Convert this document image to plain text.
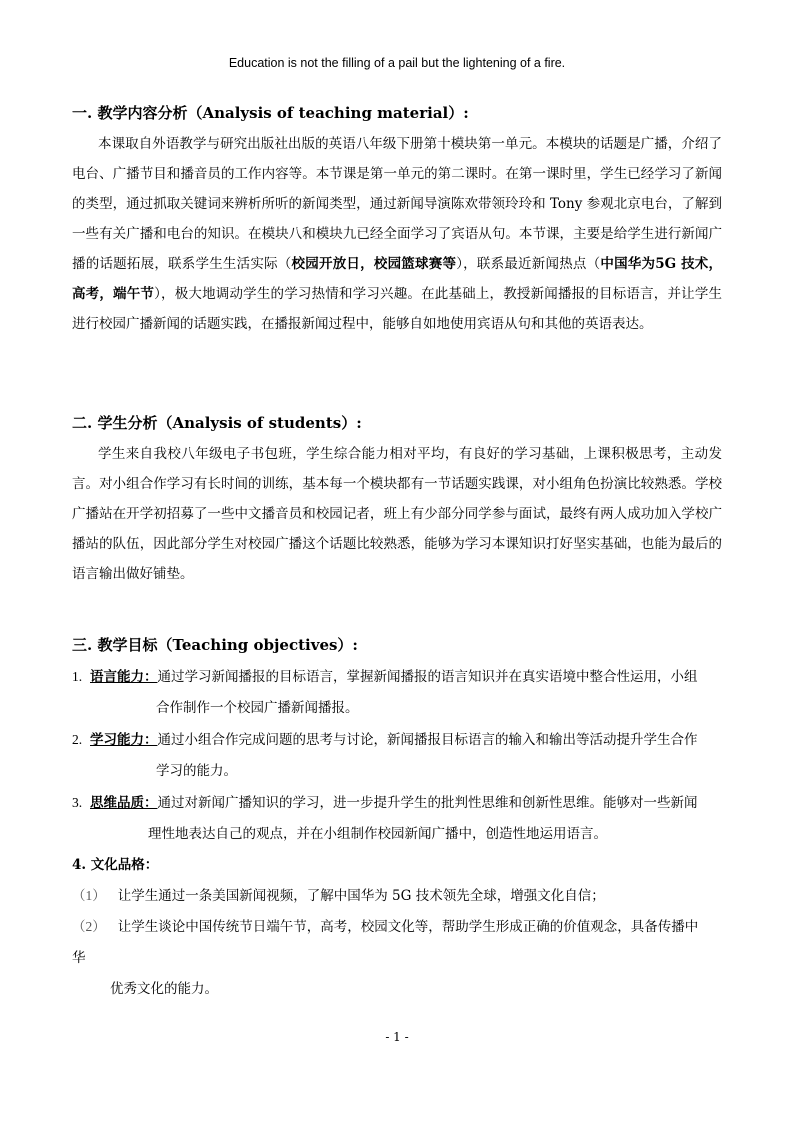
Education is not the filling of a pail but the lightening of a fire.
一. 教学内容分析（Analysis of teaching material）:

本课取自外语教学与研究出版社出版的英语八年级下册第十模块第一单元。本模块的话题是广播，介绍了电台、广播节目和播音员的工作内容等。本节课是第一单元的第二课时。在第一课时里，学生已经学习了新闻的类型，通过抓取关键词来辨析所听的新闻类型，通过新闻导演陈欢带领玲玲和 Tony 参观北京电台，了解到一些有关广播和电台的知识。在模块八和模块九已经全面学习了宾语从句。本节课，主要是给学生进行新闻广播的话题拓展，联系学生生活实际（校园开放日，校园篮球赛等），联系最近新闻热点（中国华为5G 技术，高考，端午节），极大地调动学生的学习热情和学习兴趣。在此基础上，教授新闻播报的目标语言，并让学生进行校园广播新闻的话题实践，在播报新闻过程中，能够自如地使用宾语从句和其他的英语表达。

二. 学生分析（Analysis of students）:

学生来自我校八年级电子书包班，学生综合能力相对平均，有良好的学习基础，上课积极思考，主动发言。对小组合作学习有长时间的训练，基本每一个模块都有一节话题实践课，对小组角色扮演比较熟悉。学校广播站在开学初招募了一些中文播音员和校园记者，班上有少部分同学参与面试，最终有两人成功加入学校广播站的队伍，因此部分学生对校园广播这个话题比较熟悉，能够为学习本课知识打好坚实基础，也能为最后的语言输出做好铺垫。

三. 教学目标（Teaching objectives）:
1. 语言能力：通过学习新闻播报的目标语言，掌握新闻播报的语言知识并在真实语境中整合性运用，小组
合作制作一个校园广播新闻播报。
2. 学习能力：通过小组合作完成问题的思考与讨论，新闻播报目标语言的输入和输出等活动提升学生合作
学习的能力。
3. 思维品质：通过对新闻广播知识的学习，进一步提升学生的批判性思维和创新性思维。能够对一些新闻
理性地表达自己的观点，并在小组制作校园新闻广播中，创造性地运用语言。
4. 文化品格：
（1） 让学生通过一条美国新闻视频，了解中国华为 5G 技术领先全球，增强文化自信；
（2） 让学生谈论中国传统节日端午节，高考，校园文化等，帮助学生形成正确的价值观念，具备传播中
华
优秀文化的能力。
- 1 -
